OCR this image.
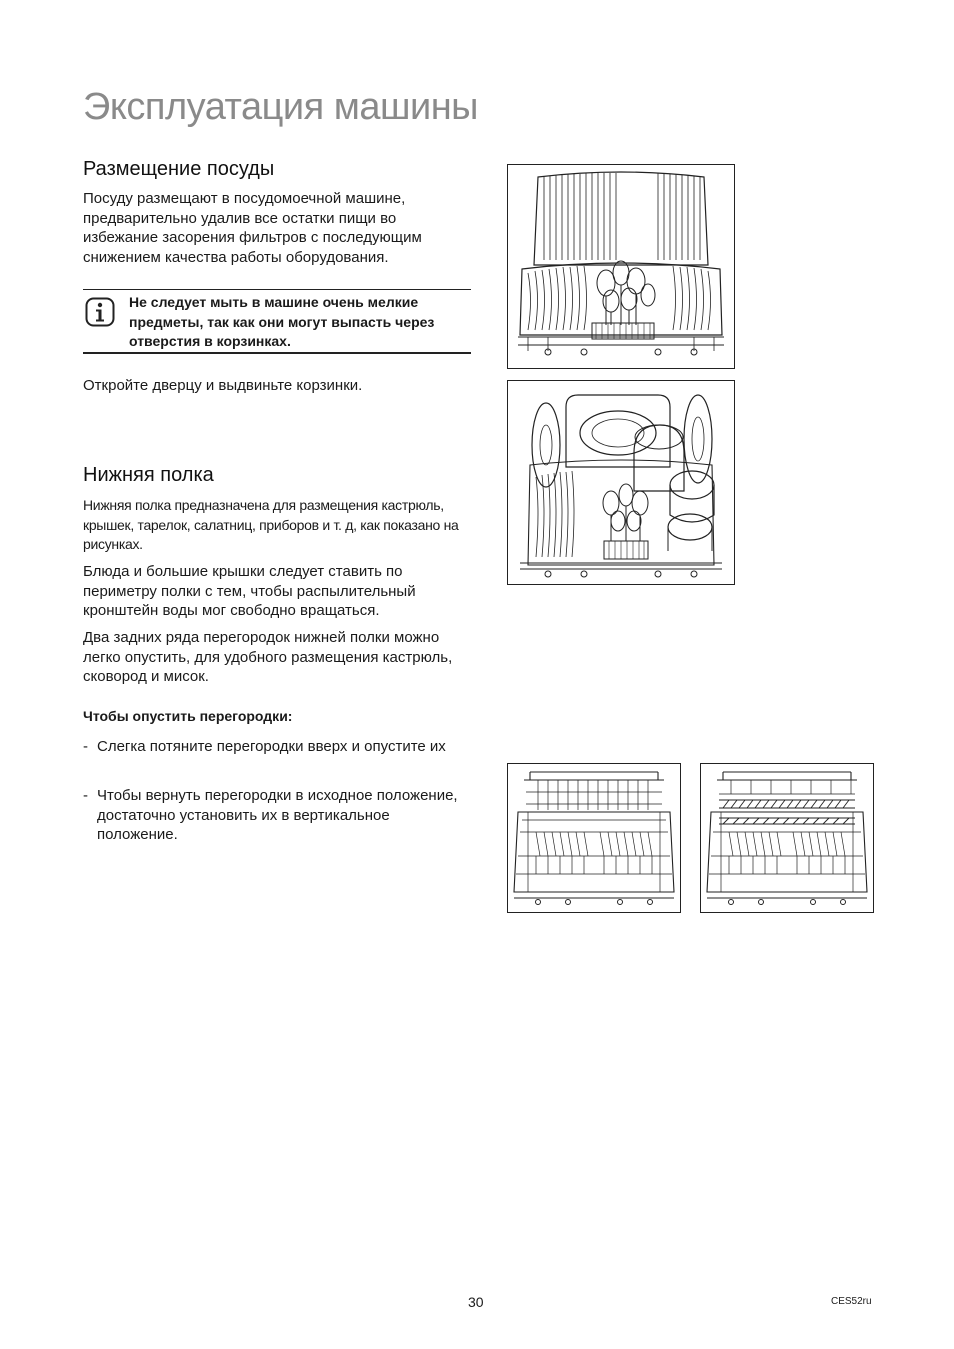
Эксплуатация машины
Размещение посуды

Посуду размещают в посудомоечной машине, предварительно удалив все остатки пищи во избежание засорения фильтров с последующим снижением качества работы оборудования.

Не следует мыть в машине очень мелкие предметы, так как они могут выпасть через отверстия в корзинках.

Откройте дверцу и выдвиньте корзинки.

Нижняя полка

Нижняя полка предназначена для размещения кастрюль, крышек, тарелок, салатниц, приборов и т. д, как показано на рисунках.

Блюда и большие крышки следует ставить по периметру полки с тем, чтобы распылительный кронштейн воды мог свободно вращаться.

Два задних ряда перегородок нижней полки можно легко опустить, для удобного размещения кастрюль, сковород и мисок.

Чтобы опустить перегородки:

- Слегка потяните перегородки вверх и опустите их
- Чтобы вернуть перегородки в исходное положение, достаточно установить их в вертикальное положение.
30	CES52ru
